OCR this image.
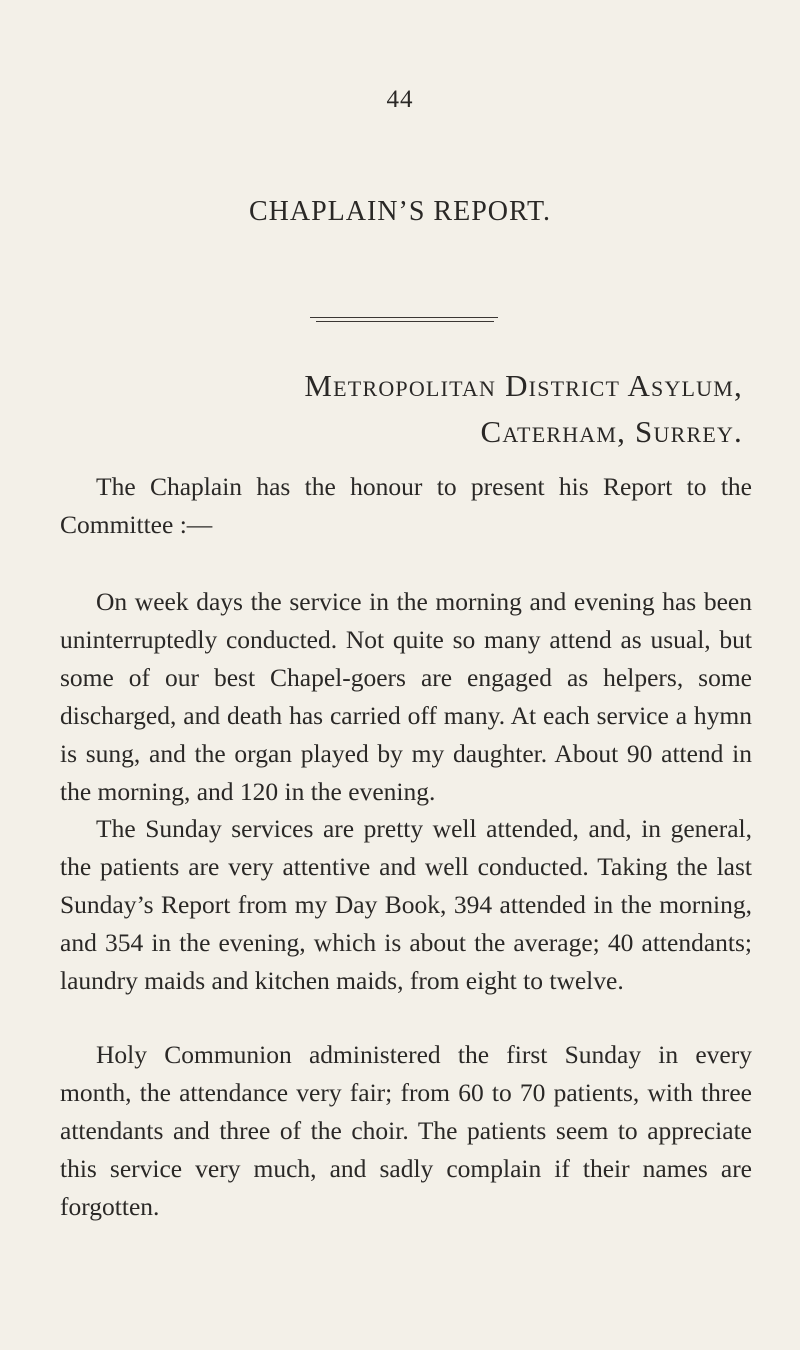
44
CHAPLAIN’S REPORT.
Metropolitan District Asylum,
Caterham, Surrey.

The Chaplain has the honour to present his Report to the Committee :—

On week days the service in the morning and evening has been uninterruptedly conducted. Not quite so many attend as usual, but some of our best Chapel-goers are engaged as helpers, some discharged, and death has carried off many. At each service a hymn is sung, and the organ played by my daughter. About 90 attend in the morning, and 120 in the evening.

The Sunday services are pretty well attended, and, in general, the patients are very attentive and well conducted. Taking the last Sunday’s Report from my Day Book, 394 attended in the morning, and 354 in the evening, which is about the average; 40 attendants; laundry maids and kitchen maids, from eight to twelve.

Holy Communion administered the first Sunday in every month, the attendance very fair; from 60 to 70 patients, with three attendants and three of the choir. The patients seem to appreciate this service very much, and sadly complain if their names are forgotten.
